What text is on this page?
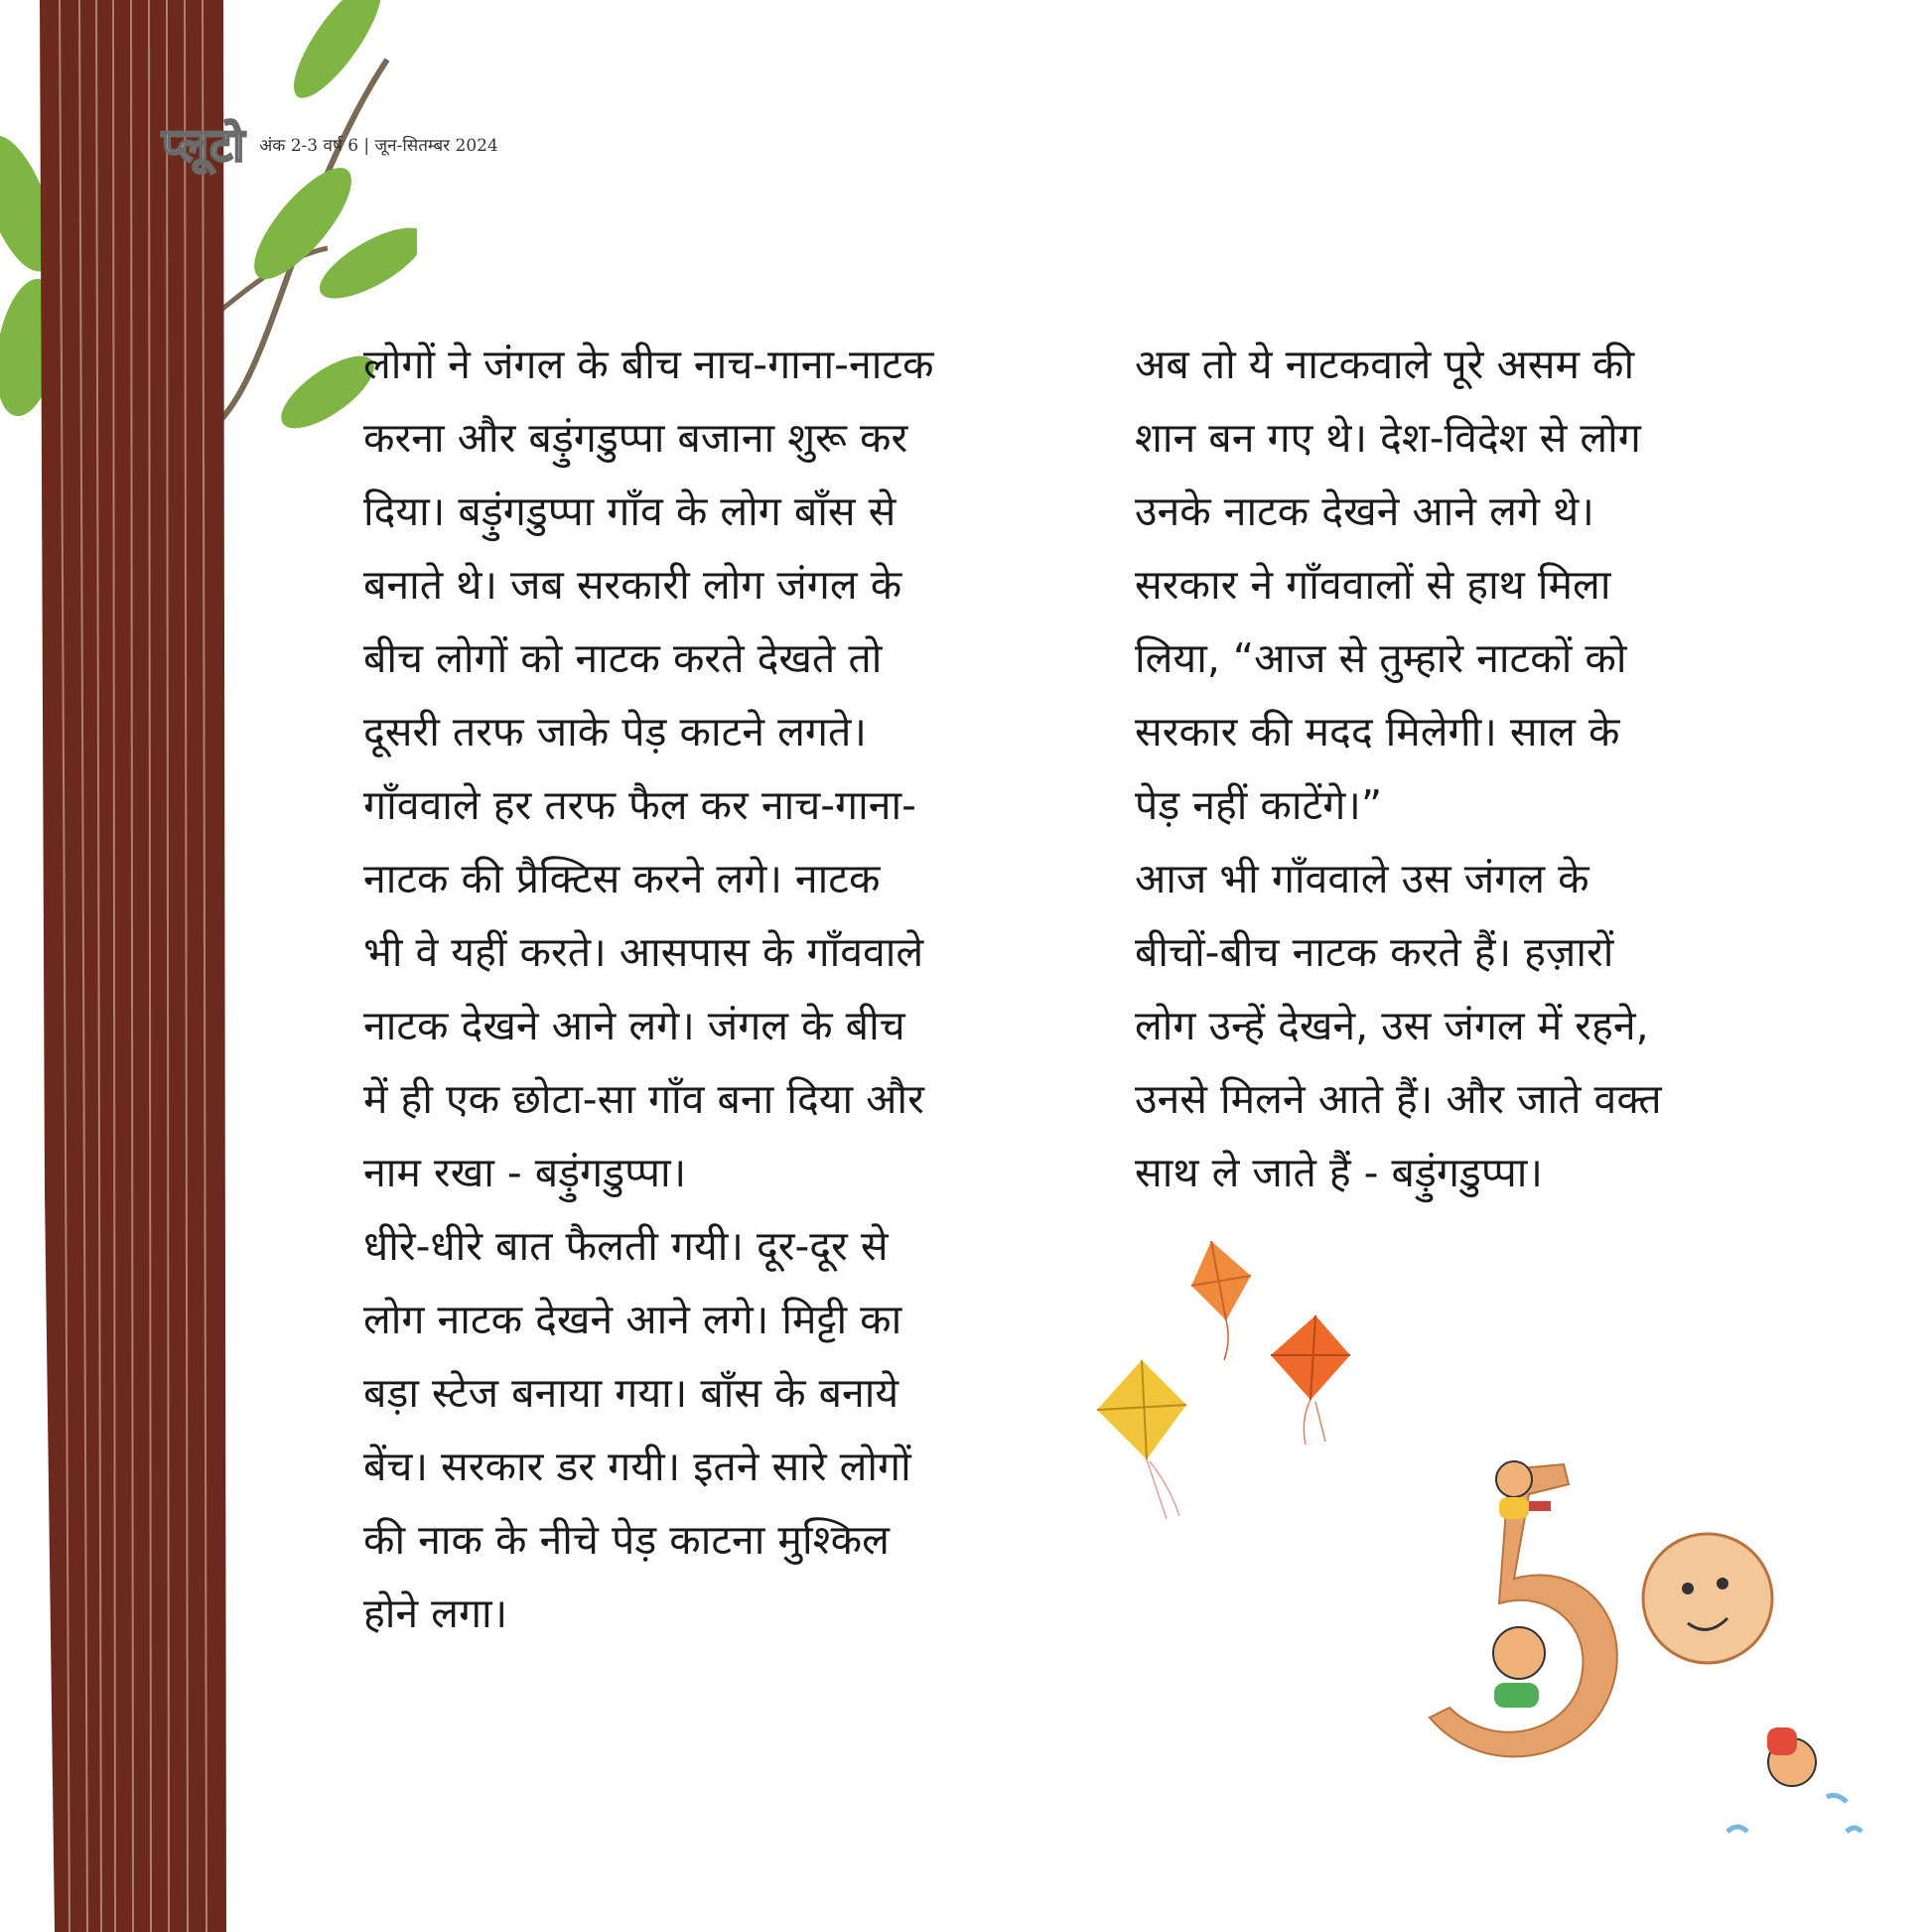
प्लूटो अंक 2-3 वर्ष 6 | जून-सितम्बर 2024

लोगों ने जंगल के बीच नाच-गाना-नाटक

करना और बड़ुंगडुप्पा बजाना शुरू कर

दिया। बड़ुंगडुप्पा गाँव के लोग बाँस से

बनाते थे। जब सरकारी लोग जंगल के

बीच लोगों को नाटक करते देखते तो

दूसरी तरफ जाके पेड़ काटने लगते।

गाँववाले हर तरफ फैल कर नाच-गाना-

नाटक की प्रैक्टिस करने लगे। नाटक

भी वे यहीं करते। आसपास के गाँववाले

नाटक देखने आने लगे। जंगल के बीच

में ही एक छोटा-सा गाँव बना दिया और

नाम रखा - बड़ुंगडुप्पा।

धीरे-धीरे बात फैलती गयी। दूर-दूर से

लोग नाटक देखने आने लगे। मिट्टी का

बड़ा स्टेज बनाया गया। बाँस के बनाये

बेंच। सरकार डर गयी। इतने सारे लोगों

की नाक के नीचे पेड़ काटना मुश्किल

होने लगा।

अब तो ये नाटकवाले पूरे असम की

शान बन गए थे। देश-विदेश से लोग

उनके नाटक देखने आने लगे थे।

सरकार ने गाँववालों से हाथ मिला

लिया, “आज से तुम्हारे नाटकों को

सरकार की मदद मिलेगी। साल के

पेड़ नहीं काटेंगे।”

आज भी गाँववाले उस जंगल के

बीचों-बीच नाटक करते हैं। हज़ारों

लोग उन्हें देखने, उस जंगल में रहने,

उनसे मिलने आते हैं। और जाते वक्त

साथ ले जाते हैं - बड़ुंगडुप्पा।
